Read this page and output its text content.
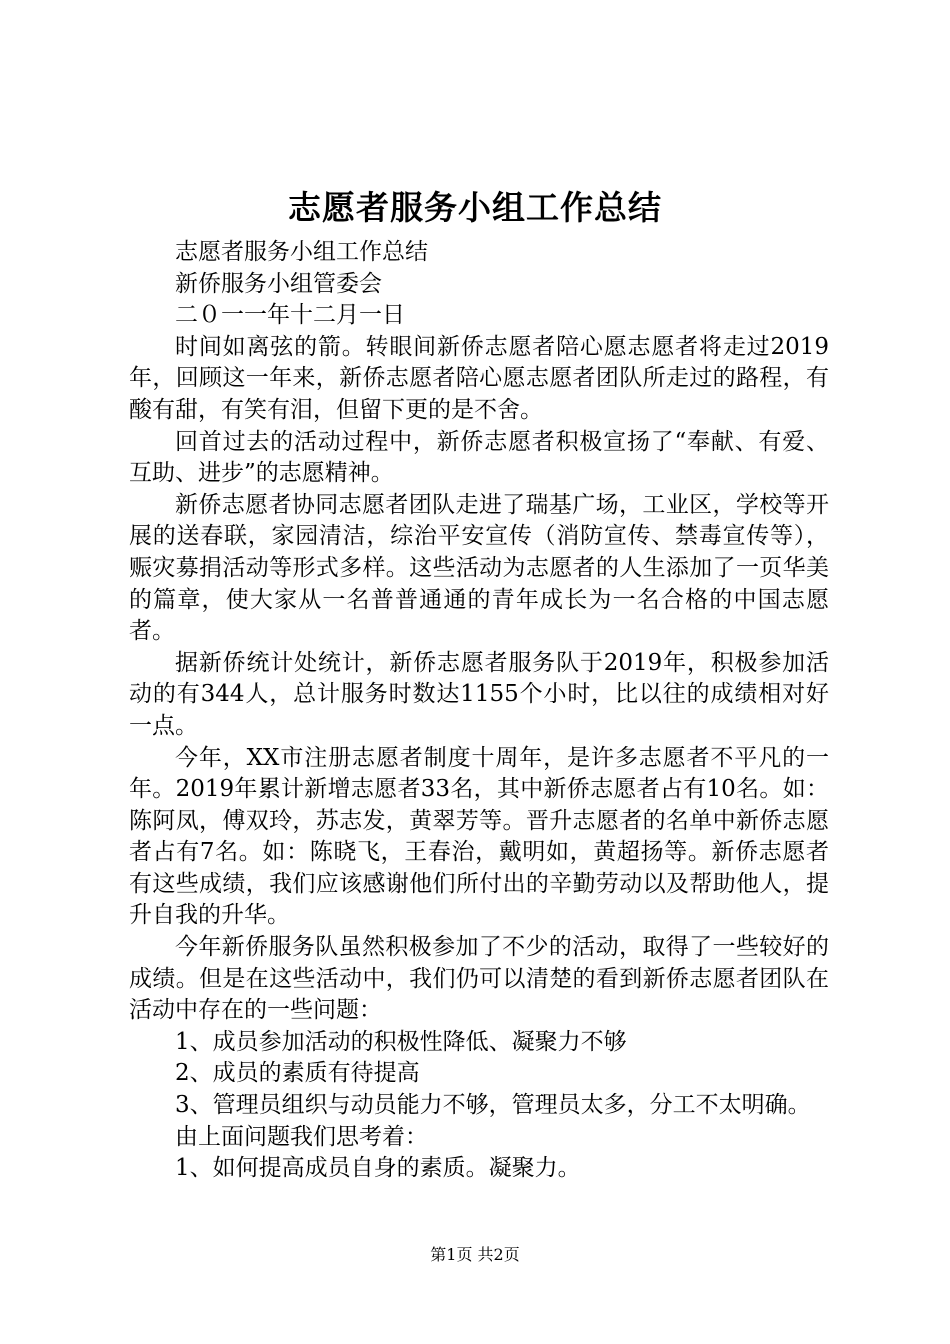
志愿者服务小组工作总结

志愿者服务小组工作总结

新侨服务小组管委会

二０一一年十二月一日

时间如离弦的箭。转眼间新侨志愿者陪心愿志愿者将走过2019年，回顾这一年来，新侨志愿者陪心愿志愿者团队所走过的路程，有酸有甜，有笑有泪，但留下更的是不舍。

回首过去的活动过程中，新侨志愿者积极宣扬了“奉献、有爱、互助、进步”的志愿精神。

新侨志愿者协同志愿者团队走进了瑞基广场，工业区，学校等开展的送春联，家园清洁，综治平安宣传（消防宣传、禁毒宣传等），赈灾募捐活动等形式多样。这些活动为志愿者的人生添加了一页华美的篇章，使大家从一名普普通通的青年成长为一名合格的中国志愿者。

据新侨统计处统计，新侨志愿者服务队于2019年，积极参加活动的有344人，总计服务时数达1155个小时，比以往的成绩相对好一点。

今年，XX市注册志愿者制度十周年，是许多志愿者不平凡的一年。2019年累计新增志愿者33名，其中新侨志愿者占有10名。如：陈阿凤，傅双玲，苏志发，黄翠芳等。晋升志愿者的名单中新侨志愿者占有7名。如：陈晓飞，王春治，戴明如，黄超扬等。新侨志愿者有这些成绩，我们应该感谢他们所付出的辛勤劳动以及帮助他人，提升自我的升华。

今年新侨服务队虽然积极参加了不少的活动，取得了一些较好的成绩。但是在这些活动中，我们仍可以清楚的看到新侨志愿者团队在活动中存在的一些问题：

1、成员参加活动的积极性降低、凝聚力不够

2、成员的素质有待提高

3、管理员组织与动员能力不够，管理员太多，分工不太明确。

由上面问题我们思考着：

1、如何提高成员自身的素质。凝聚力。

第1页 共2页
